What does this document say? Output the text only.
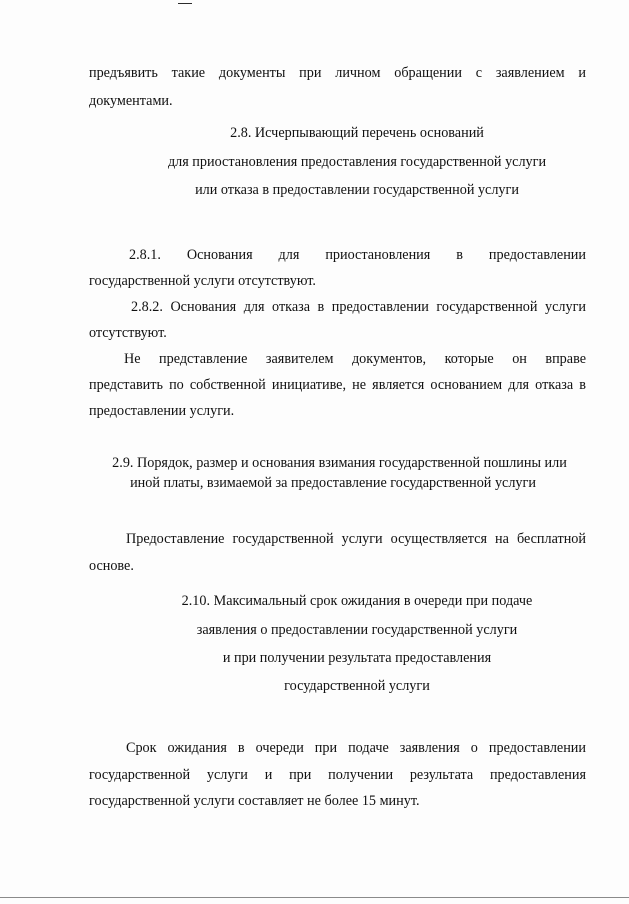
предъявить такие документы при личном обращении с заявлением и
документами.
2.8. Исчерпывающий перечень оснований
для приостановления предоставления государственной услуги
или отказа в предоставлении государственной услуги
2.8.1. Основания для приостановления в предоставлении
государственной услуги отсутствуют.
2.8.2. Основания для отказа в предоставлении государственной услуги
отсутствуют.
Не представление заявителем документов, которые он вправе
представить по собственной инициативе, не является основанием для отказа в
предоставлении услуги.
2.9. Порядок, размер и основания взимания государственной пошлины или
иной платы, взимаемой за предоставление государственной услуги
Предоставление государственной услуги осуществляется на бесплатной
основе.
2.10. Максимальный срок ожидания в очереди при подаче
заявления о предоставлении государственной услуги
и при получении результата предоставления
государственной услуги
Срок ожидания в очереди при подаче заявления о предоставлении
государственной услуги и при получении результата предоставления
государственной услуги составляет не более 15 минут.
